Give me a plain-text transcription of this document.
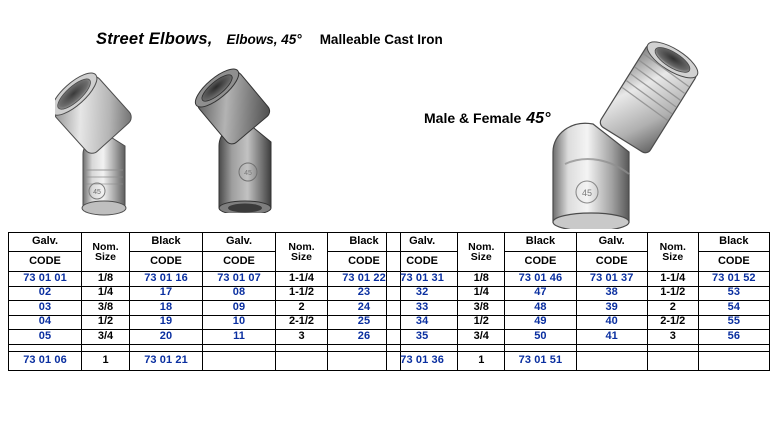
Street Elbows, Elbows, 45° Malleable Cast Iron
Male & Female 45°
45
45
45
Galv.	Nom.
Size
	Black	Galv.	Nom.
Size
	Black
CODE		CODE	CODE		CODE
73 01 01	1/8	73 01 16	73 01 07	1-1/4	73 01 22
02	1/4	17	08	1-1/2	23
03	3/8	18	09	2	24
04	1/2	19	10	2-1/2	25
05	3/4	20	11	3	26

73 01 06	1	73 01 21			
Galv.	Nom.
Size
	Black	Galv.	Nom.
Size
	Black
CODE		CODE	CODE		CODE
73 01 31	1/8	73 01 46	73 01 37	1-1/4	73 01 52
32	1/4	47	38	1-1/2	53
33	3/8	48	39	2	54
34	1/2	49	40	2-1/2	55
35	3/4	50	41	3	56

73 01 36	1	73 01 51			
